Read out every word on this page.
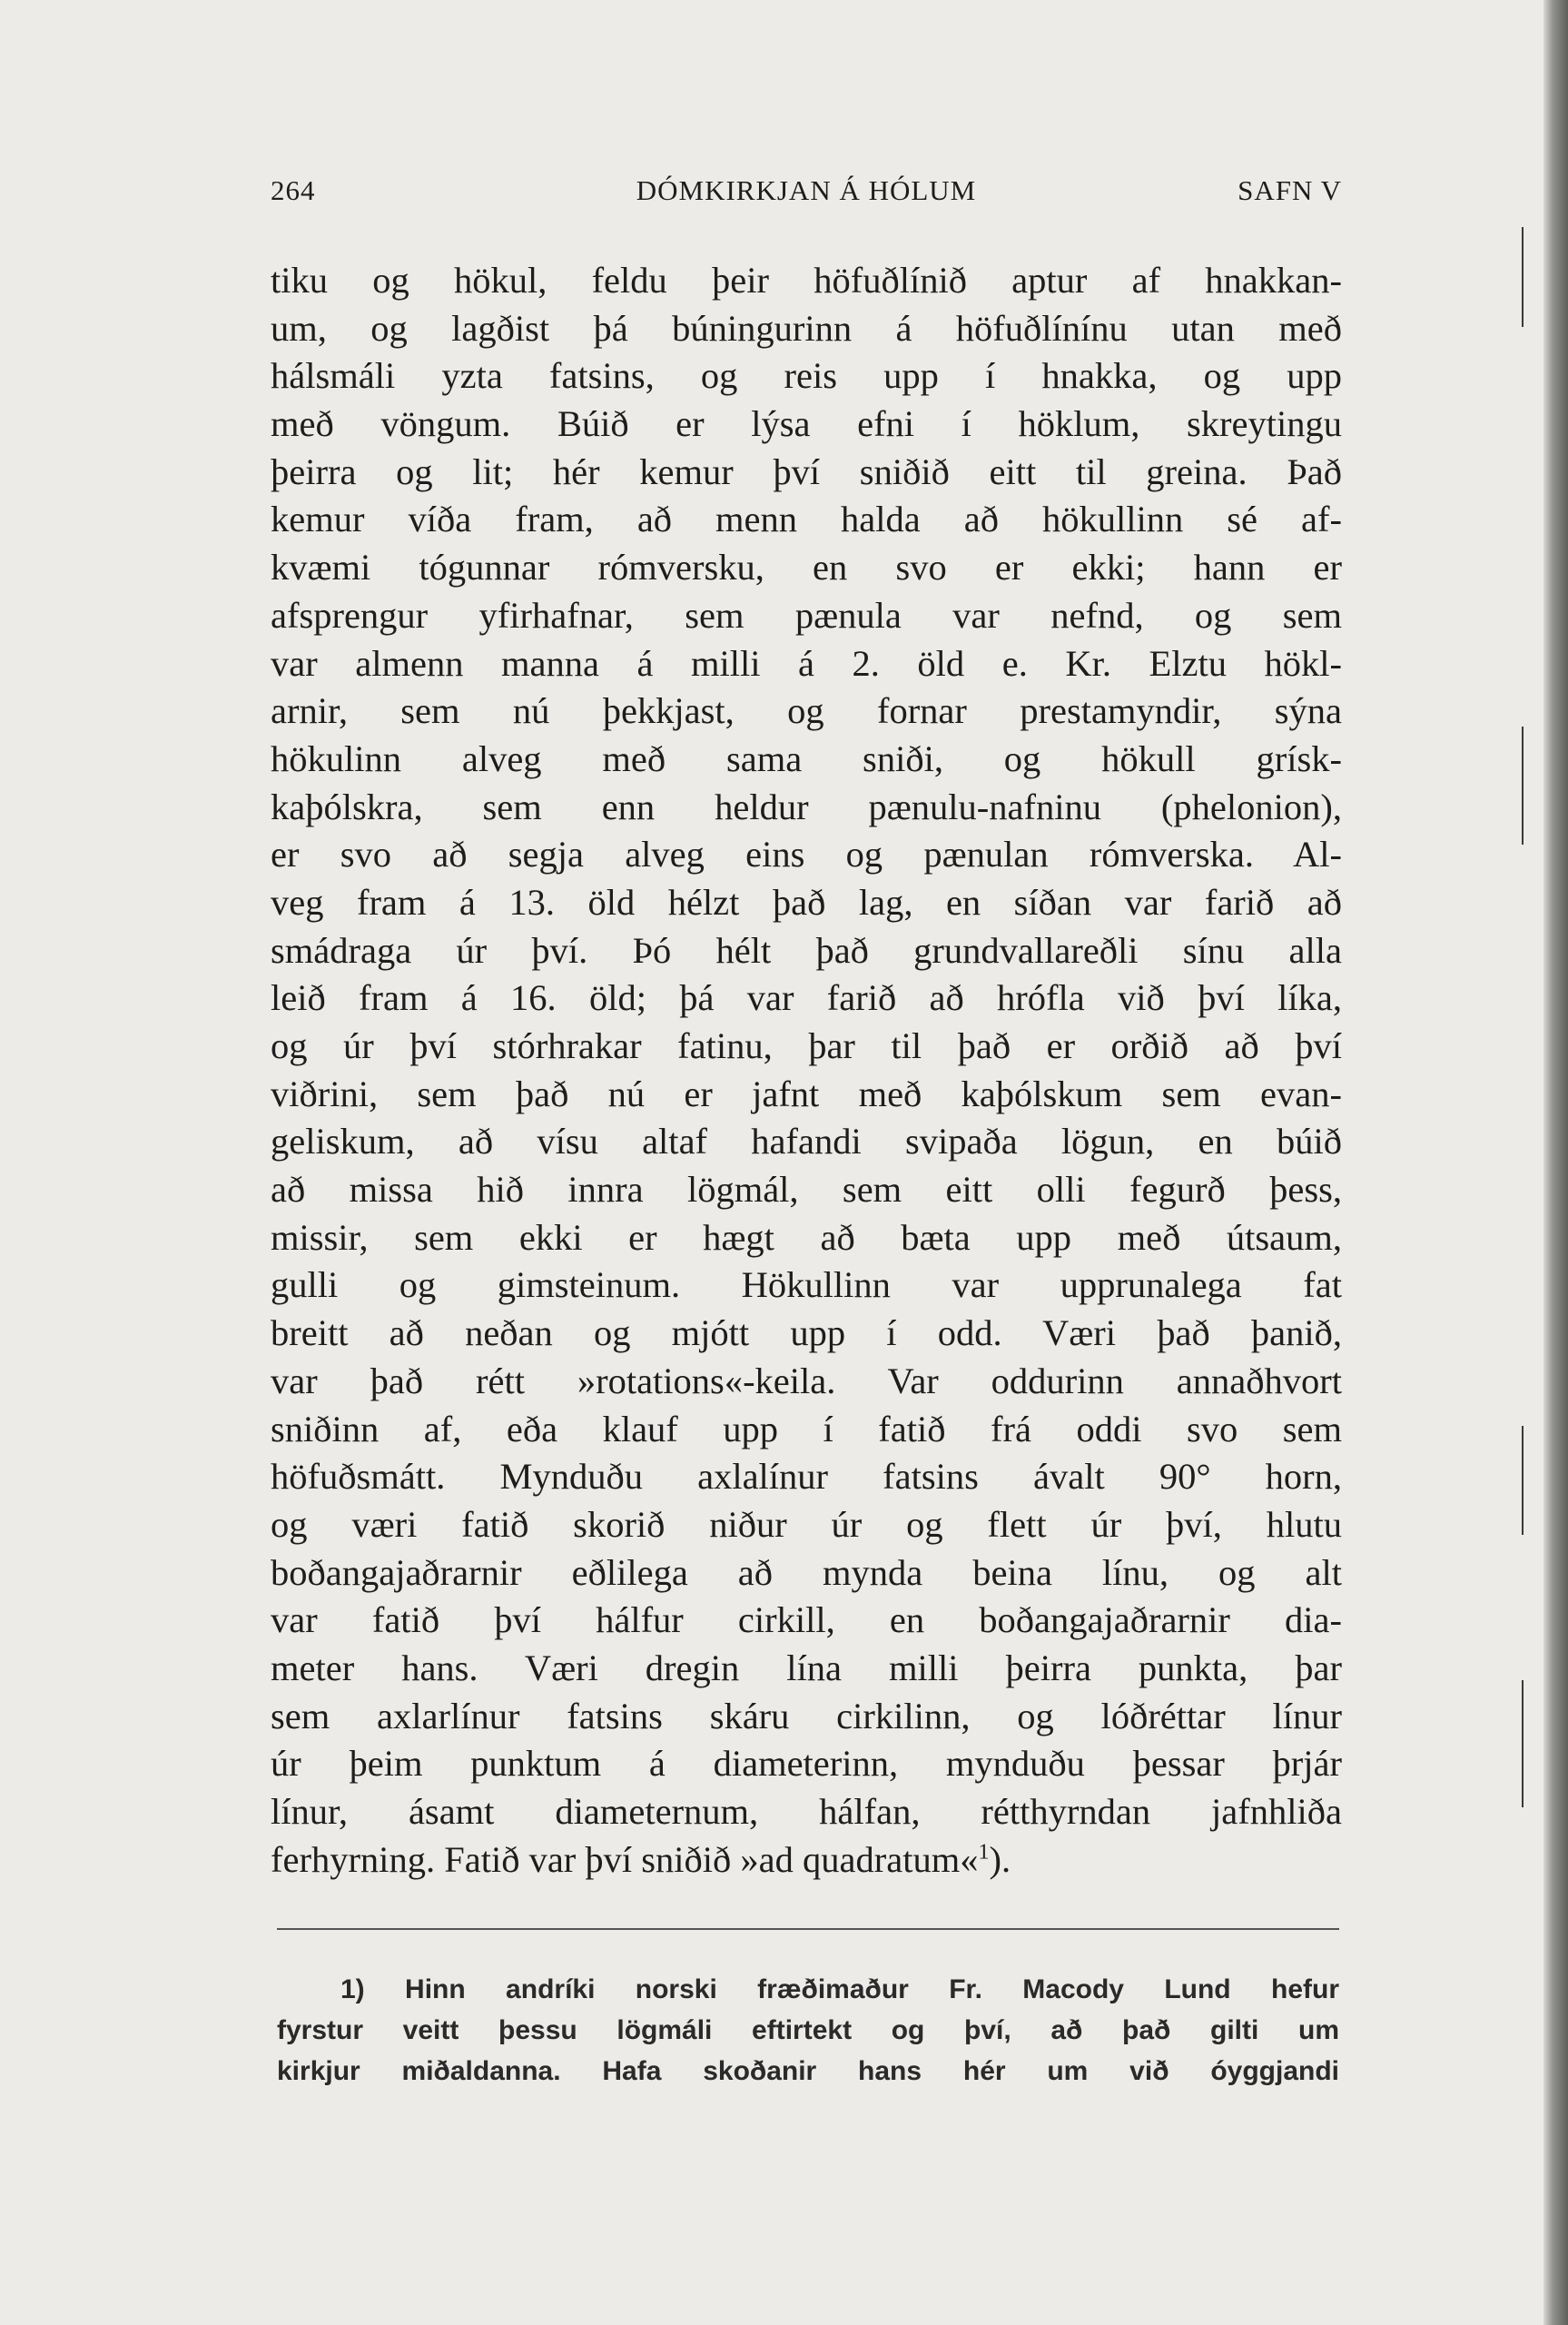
264	DÓMKIRKJAN Á HÓLUM	SAFN V
tiku og hökul, feldu þeir höfuðlínið aptur af hnakkan-
um, og lagðist þá búningurinn á höfuðlínínu utan með
hálsmáli yzta fatsins, og reis upp í hnakka, og upp
með vöngum. Búið er lýsa efni í höklum, skreytingu
þeirra og lit; hér kemur því sniðið eitt til greina. Það
kemur víða fram, að menn halda að hökullinn sé af-
kvæmi tógunnar rómversku, en svo er ekki; hann er
afsprengur yfirhafnar, sem pænula var nefnd, og sem
var almenn manna á milli á 2. öld e. Kr. Elztu hökl-
arnir, sem nú þekkjast, og fornar prestamyndir, sýna
hökulinn alveg með sama sniði, og hökull grísk-
kaþólskra, sem enn heldur pænulu-nafninu (phelonion),
er svo að segja alveg eins og pænulan rómverska. Al-
veg fram á 13. öld hélzt það lag, en síðan var farið að
smádraga úr því. Þó hélt það grundvallareðli sínu alla
leið fram á 16. öld; þá var farið að hrófla við því líka,
og úr því stórhrakar fatinu, þar til það er orðið að því
viðrini, sem það nú er jafnt með kaþólskum sem evan-
geliskum, að vísu altaf hafandi svipaða lögun, en búið
að missa hið innra lögmál, sem eitt olli fegurð þess,
missir, sem ekki er hægt að bæta upp með útsaum,
gulli og gimsteinum. Hökullinn var upprunalega fat
breitt að neðan og mjótt upp í odd. Væri það þanið,
var það rétt »rotations«-keila. Var oddurinn annaðhvort
sniðinn af, eða klauf upp í fatið frá oddi svo sem
höfuðsmátt. Mynduðu axlalínur fatsins ávalt 90° horn,
og væri fatið skorið niður úr og flett úr því, hlutu
boðangajaðrarnir eðlilega að mynda beina línu, og alt
var fatið því hálfur cirkill, en boðangajaðrarnir dia-
meter hans. Væri dregin lína milli þeirra punkta, þar
sem axlarlínur fatsins skáru cirkilinn, og lóðréttar línur
úr þeim punktum á diameterinn, mynduðu þessar þrjár
línur, ásamt diameternum, hálfan, rétthyrndan jafnhliða
ferhyrning. Fatið var því sniðið »ad quadratum«$^1$).
1) Hinn andríki norski fræðimaður Fr. Macody Lund hefur
fyrstur veitt þessu lögmáli eftirtekt og því, að það gilti um
kirkjur miðaldanna. Hafa skoðanir hans hér um við óyggjandi
